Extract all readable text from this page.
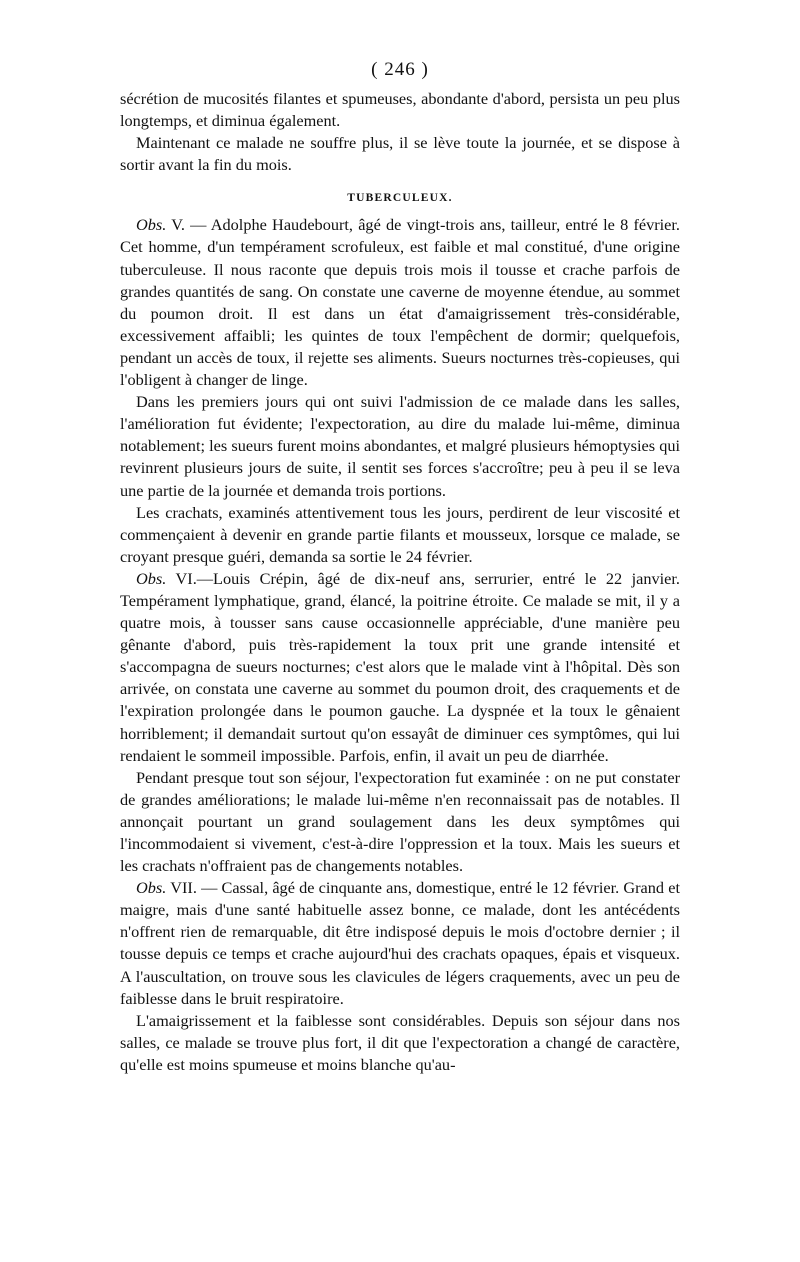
( 246 )

sécrétion de mucosités filantes et spumeuses, abondante d'abord, persista un peu plus longtemps, et diminua également.

Maintenant ce malade ne souffre plus, il se lève toute la journée, et se dispose à sortir avant la fin du mois.

TUBERCULEUX.

Obs. V. — Adolphe Haudebourt, âgé de vingt-trois ans, tailleur, entré le 8 février. Cet homme, d'un tempérament scrofuleux, est faible et mal constitué, d'une origine tuberculeuse. Il nous raconte que depuis trois mois il tousse et crache parfois de grandes quantités de sang. On constate une caverne de moyenne étendue, au sommet du poumon droit. Il est dans un état d'amaigrissement très-considérable, excessivement affaibli; les quintes de toux l'empêchent de dormir; quelquefois, pendant un accès de toux, il rejette ses aliments. Sueurs nocturnes très-copieuses, qui l'obligent à changer de linge.

Dans les premiers jours qui ont suivi l'admission de ce malade dans les salles, l'amélioration fut évidente; l'expectoration, au dire du malade lui-même, diminua notablement; les sueurs furent moins abondantes, et malgré plusieurs hémoptysies qui revinrent plusieurs jours de suite, il sentit ses forces s'accroître; peu à peu il se leva une partie de la journée et demanda trois portions.

Les crachats, examinés attentivement tous les jours, perdirent de leur viscosité et commençaient à devenir en grande partie filants et mousseux, lorsque ce malade, se croyant presque guéri, demanda sa sortie le 24 février.

Obs. VI.—Louis Crépin, âgé de dix-neuf ans, serrurier, entré le 22 janvier. Tempérament lymphatique, grand, élancé, la poitrine étroite. Ce malade se mit, il y a quatre mois, à tousser sans cause occasionnelle appréciable, d'une manière peu gênante d'abord, puis très-rapidement la toux prit une grande intensité et s'accompagna de sueurs nocturnes; c'est alors que le malade vint à l'hôpital. Dès son arrivée, on constata une caverne au sommet du poumon droit, des craquements et de l'expiration prolongée dans le poumon gauche. La dyspnée et la toux le gênaient horriblement; il demandait surtout qu'on essayât de diminuer ces symptômes, qui lui rendaient le sommeil impossible. Parfois, enfin, il avait un peu de diarrhée.

Pendant presque tout son séjour, l'expectoration fut examinée : on ne put constater de grandes améliorations; le malade lui-même n'en reconnaissait pas de notables. Il annonçait pourtant un grand soulagement dans les deux symptômes qui l'incommodaient si vivement, c'est-à-dire l'oppression et la toux. Mais les sueurs et les crachats n'offraient pas de changements notables.

Obs. VII. — Cassal, âgé de cinquante ans, domestique, entré le 12 février. Grand et maigre, mais d'une santé habituelle assez bonne, ce malade, dont les antécédents n'offrent rien de remarquable, dit être indisposé depuis le mois d'octobre dernier ; il tousse depuis ce temps et crache aujourd'hui des crachats opaques, épais et visqueux. A l'auscultation, on trouve sous les clavicules de légers craquements, avec un peu de faiblesse dans le bruit respiratoire.

L'amaigrissement et la faiblesse sont considérables. Depuis son séjour dans nos salles, ce malade se trouve plus fort, il dit que l'expectoration a changé de caractère, qu'elle est moins spumeuse et moins blanche qu'au-
